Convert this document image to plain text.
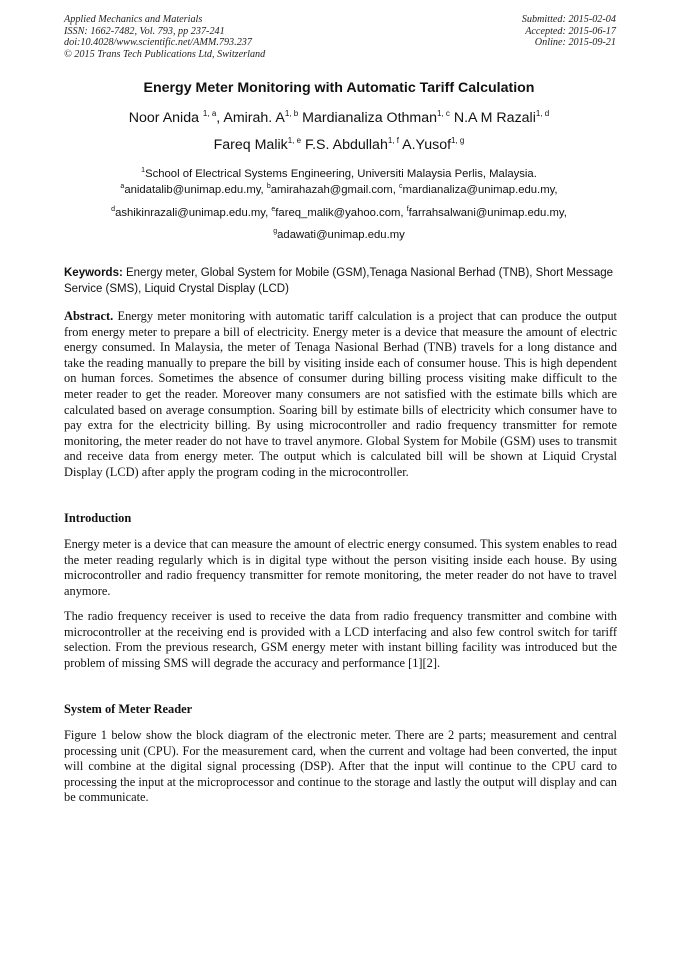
Applied Mechanics and Materials
ISSN: 1662-7482, Vol. 793, pp 237-241
doi:10.4028/www.scientific.net/AMM.793.237
© 2015 Trans Tech Publications Ltd, Switzerland
Submitted: 2015-02-04
Accepted: 2015-06-17
Online: 2015-09-21
Energy Meter Monitoring with Automatic Tariff Calculation
Noor Anida $^{1, a}$, Amirah. A$^{1, b}$ Mardianaliza Othman$^{1, c}$ N.A M Razali$^{1, d}$
Fareq Malik$^{1, e}$ F.S. Abdullah$^{1, f}$ A.Yusof$^{1, g}$
$^1$School of Electrical Systems Engineering, Universiti Malaysia Perlis, Malaysia.
$^a$anidatalib@unimap.edu.my, $^b$amirahazah@gmail.com, $^c$mardianaliza@unimap.edu.my,
$^d$ashikinrazali@unimap.edu.my, $^e$fareq_malik@yahoo.com, $^f$farrahsalwani@unimap.edu.my,
$^g$adawati@unimap.edu.my

Keywords: Energy meter, Global System for Mobile (GSM),Tenaga Nasional Berhad (TNB), Short Message Service (SMS), Liquid Crystal Display (LCD)

Abstract. Energy meter monitoring with automatic tariff calculation is a project that can produce the output from energy meter to prepare a bill of electricity. Energy meter is a device that measure the amount of electric energy consumed. In Malaysia, the meter of Tenaga Nasional Berhad (TNB) travels for a long distance and take the reading manually to prepare the bill by visiting inside each of consumer house. This is high dependent on human forces. Sometimes the absence of consumer during billing process visiting make difficult to the meter reader to get the reader. Moreover many consumers are not satisfied with the estimate bills which are calculated based on average consumption. Soaring bill by estimate bills of electricity which consumer have to pay extra for the electricity billing. By using microcontroller and radio frequency transmitter for remote monitoring, the meter reader do not have to travel anymore. Global System for Mobile (GSM) uses to transmit and receive data from energy meter. The output which is calculated bill will be shown at Liquid Crystal Display (LCD) after apply the program coding in the microcontroller.

Introduction

Energy meter is a device that can measure the amount of electric energy consumed. This system enables to read the meter reading regularly which is in digital type without the person visiting inside each house. By using microcontroller and radio frequency transmitter for remote monitoring, the meter reader do not have to travel anymore.

The radio frequency receiver is used to receive the data from radio frequency transmitter and combine with microcontroller at the receiving end is provided with a LCD interfacing and also few control switch for tariff selection. From the previous research, GSM energy meter with instant billing facility was introduced but the problem of missing SMS will degrade the accuracy and performance [1][2].

System of Meter Reader

Figure 1 below show the block diagram of the electronic meter. There are 2 parts; measurement and central processing unit (CPU). For the measurement card, when the current and voltage had been converted, the input will combine at the digital signal processing (DSP). After that the input will continue to the CPU card to processing the input at the microprocessor and continue to the storage and lastly the output will display and can be communicate.
